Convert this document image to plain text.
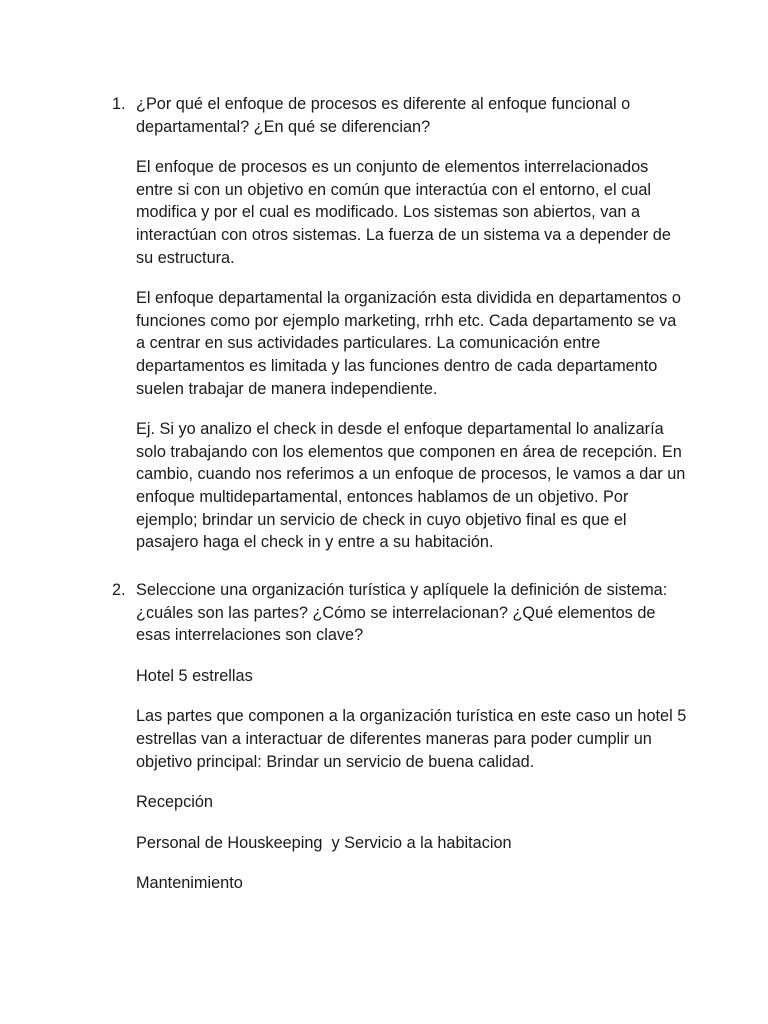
1. ¿Por qué el enfoque de procesos es diferente al enfoque funcional o departamental? ¿En qué se diferencian?

El enfoque de procesos es un conjunto de elementos interrelacionados entre si con un objetivo en común que interactúa con el entorno, el cual modifica y por el cual es modificado. Los sistemas son abiertos, van a interactúan con otros sistemas. La fuerza de un sistema va a depender de su estructura.

El enfoque departamental la organización esta dividida en departamentos o funciones como por ejemplo marketing, rrhh etc. Cada departamento se va a centrar en sus actividades particulares. La comunicación entre departamentos es limitada y las funciones dentro de cada departamento suelen trabajar de manera independiente.

Ej. Si yo analizo el check in desde el enfoque departamental lo analizaría solo trabajando con los elementos que componen en área de recepción. En cambio, cuando nos referimos a un enfoque de procesos, le vamos a dar un enfoque multidepartamental, entonces hablamos de un objetivo. Por ejemplo; brindar un servicio de check in cuyo objetivo final es que el pasajero haga el check in y entre a su habitación.

2. Seleccione una organización turística y aplíquele la definición de sistema: ¿cuáles son las partes? ¿Cómo se interrelacionan? ¿Qué elementos de esas interrelaciones son clave?

Hotel 5 estrellas

Las partes que componen a la organización turística en este caso un hotel 5 estrellas van a interactuar de diferentes maneras para poder cumplir un objetivo principal: Brindar un servicio de buena calidad.

Recepción

Personal de Houskeeping  y Servicio a la habitacion

Mantenimiento
